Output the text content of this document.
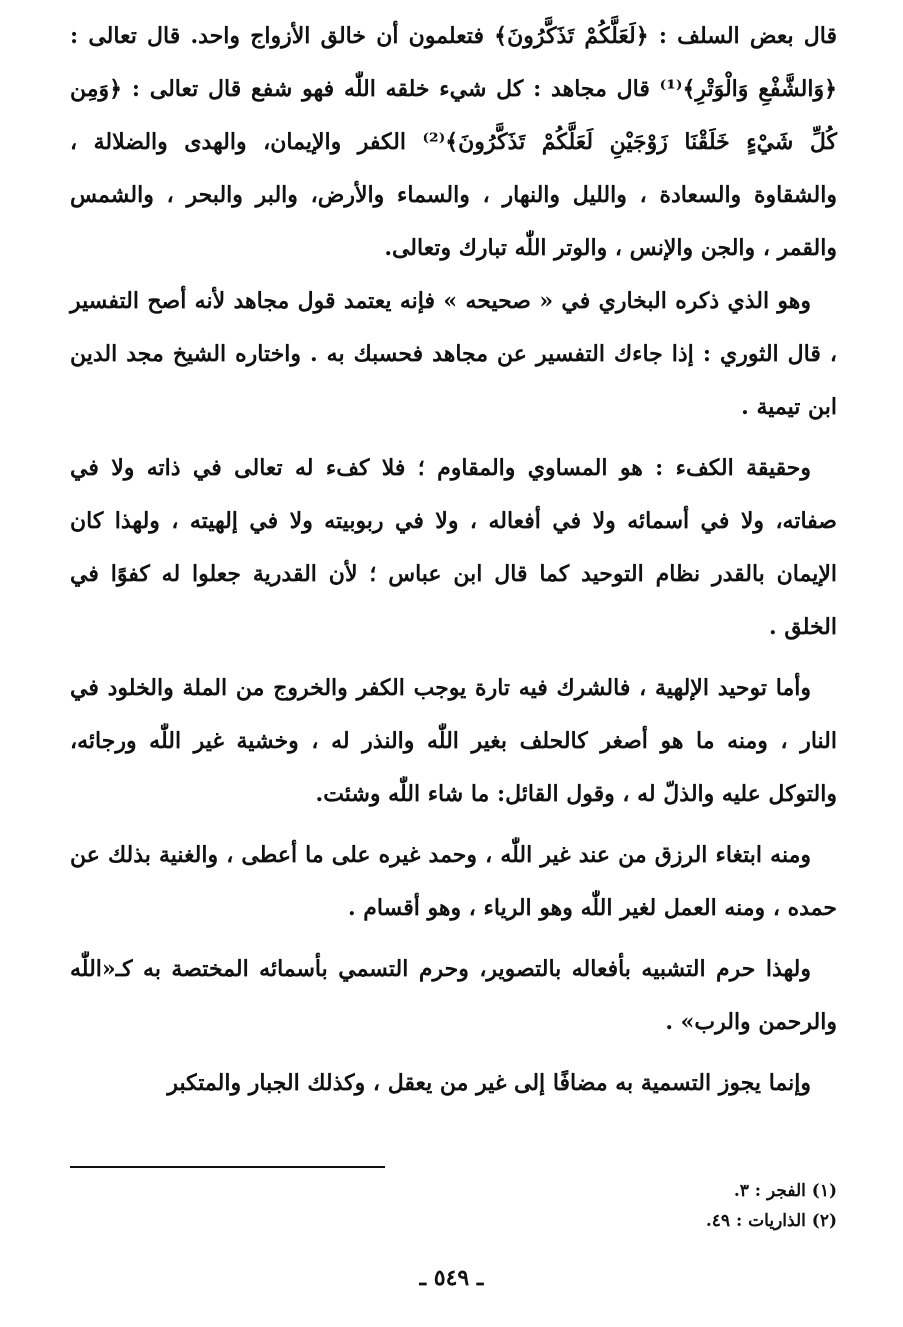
قال بعض السلف : ﴿لَعَلَّكُمْ تَذَكَّرُونَ﴾ فتعلمون أن خالق الأزواج واحد. قال تعالى : ﴿وَالشَّفْعِ وَالْوَتْرِ﴾⁽¹⁾ قال مجاهد : كل شيء خلقه اللّٰه فهو شفع قال تعالى : ﴿وَمِن كُلِّ شَيْءٍ خَلَقْنَا زَوْجَيْنِ لَعَلَّكُمْ تَذَكَّرُونَ﴾⁽²⁾ الكفر والإيمان، والهدى والضلالة ، والشقاوة والسعادة ، والليل والنهار ، والسماء والأرض، والبر والبحر ، والشمس والقمر ، والجن والإنس ، والوتر اللّٰه تبارك وتعالى.

وهو الذي ذكره البخاري في « صحيحه » فإنه يعتمد قول مجاهد لأنه أصح التفسير ، قال الثوري : إذا جاءك التفسير عن مجاهد فحسبك به . واختاره الشيخ مجد الدين ابن تيمية .

وحقيقة الكفء : هو المساوي والمقاوم ؛ فلا كفء له تعالى في ذاته ولا في صفاته، ولا في أسمائه ولا في أفعاله ، ولا في ربوبيته ولا في إلهيته ، ولهذا كان الإيمان بالقدر نظام التوحيد كما قال ابن عباس ؛ لأن القدرية جعلوا له كفوًا في الخلق .

وأما توحيد الإلهية ، فالشرك فيه تارة يوجب الكفر والخروج من الملة والخلود في النار ، ومنه ما هو أصغر كالحلف بغير اللّٰه والنذر له ، وخشية غير اللّٰه ورجائه، والتوكل عليه والذلّ له ، وقول القائل: ما شاء اللّٰه وشئت.

ومنه ابتغاء الرزق من عند غير اللّٰه ، وحمد غيره على ما أعطى ، والغنية بذلك عن حمده ، ومنه العمل لغير اللّٰه وهو الرياء ، وهو أقسام .

ولهذا حرم التشبيه بأفعاله بالتصوير، وحرم التسمي بأسمائه المختصة به كـ«اللّٰه والرحمن والرب» .

وإنما يجوز التسمية به مضافًا إلى غير من يعقل ، وكذلك الجبار والمتكبر

(١) الفجر : ٣.

(٢) الذاريات : ٤٩.

ـ ٥٤٩ ـ
